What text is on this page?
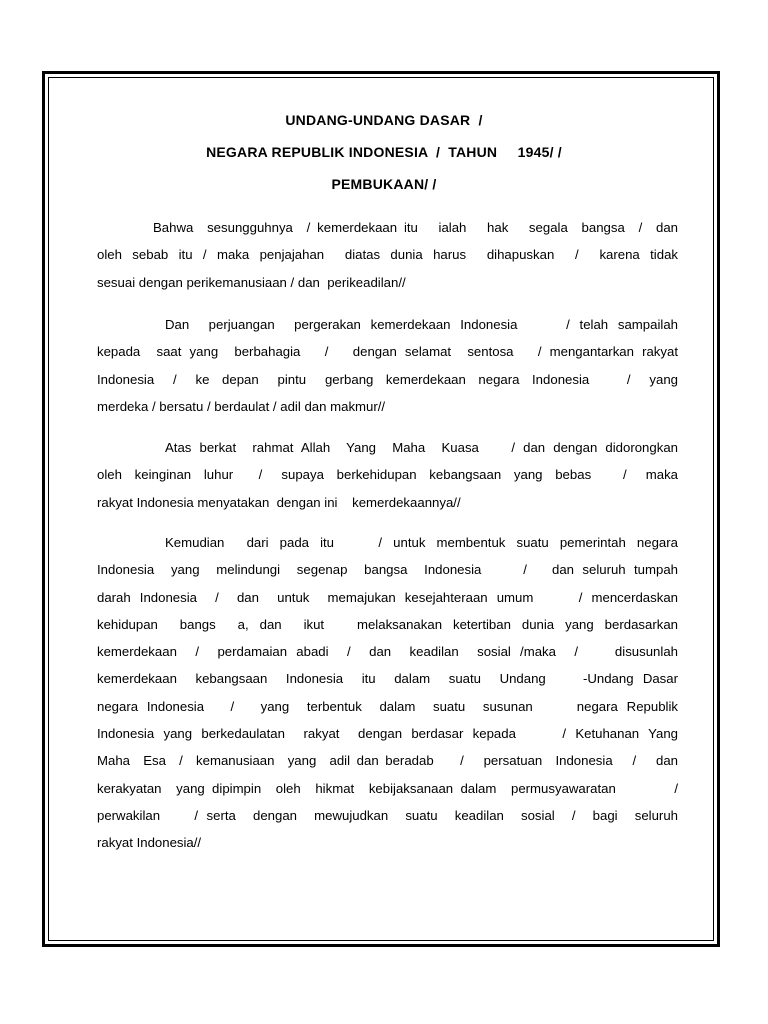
UNDANG-UNDANG DASAR  /
NEGARA REPUBLIK INDONESIA  /  TAHUN     1945/ /
PEMBUKAAN/ /
Bahwa  sesungguhnya  / kemerdekaan itu   ialah   hak   segala  bangsa  /  dan
oleh sebab itu / maka penjajahan  diatas dunia harus  dihapuskan  /  karena tidak
sesuai dengan perikemanusiaan / dan  perikeadilan//
Dan  perjuangan  pergerakan kemerdekaan Indonesia     / telah sampailah
kepada  saat yang  berbahagia   /   dengan selamat  sentosa   / mengantarkan rakyat
Indonesia   /   ke  depan   pintu   gerbang  kemerdekaan  negara  Indonesia      /   yang
merdeka / bersatu / berdaulat / adil dan makmur//
Atas berkat  rahmat Allah  Yang  Maha  Kuasa    / dan dengan didorongkan
oleh  keinginan  luhur    /   supaya  berkehidupan  kebangsaan  yang  bebas     /   maka
rakyat Indonesia menyatakan  dengan ini    kemerdekaannya//
Kemudian  dari pada itu    / untuk membentuk suatu pemerintah negara
Indonesia  yang  melindungi  segenap  bangsa  Indonesia     /   dan seluruh tumpah
darah Indonesia  /  dan  untuk  memajukan kesejahteraan umum     / mencerdaskan
kehidupan  bangs  a, dan  ikut   melaksanakan ketertiban dunia yang berdasarkan
kemerdekaan  /  perdamaian abadi  /  dan  keadilan  sosial /maka  /    disusunlah
kemerdekaan  kebangsaan  Indonesia  itu  dalam  suatu  Undang    -Undang Dasar
negara Indonesia   /   yang  terbentuk  dalam  suatu  susunan     negara Republik
Indonesia yang berkedaulatan  rakyat  dengan berdasar kepada     / Ketuhanan Yang
Maha  Esa  /  kemanusiaan  yang  adil dan beradab    /   persatuan  Indonesia   /   dan
kerakyatan  yang dipimpin  oleh  hikmat  kebijaksanaan dalam  permusyawaratan        /
perwakilan    / serta  dengan  mewujudkan  suatu  keadilan  sosial  /  bagi  seluruh
rakyat Indonesia//
